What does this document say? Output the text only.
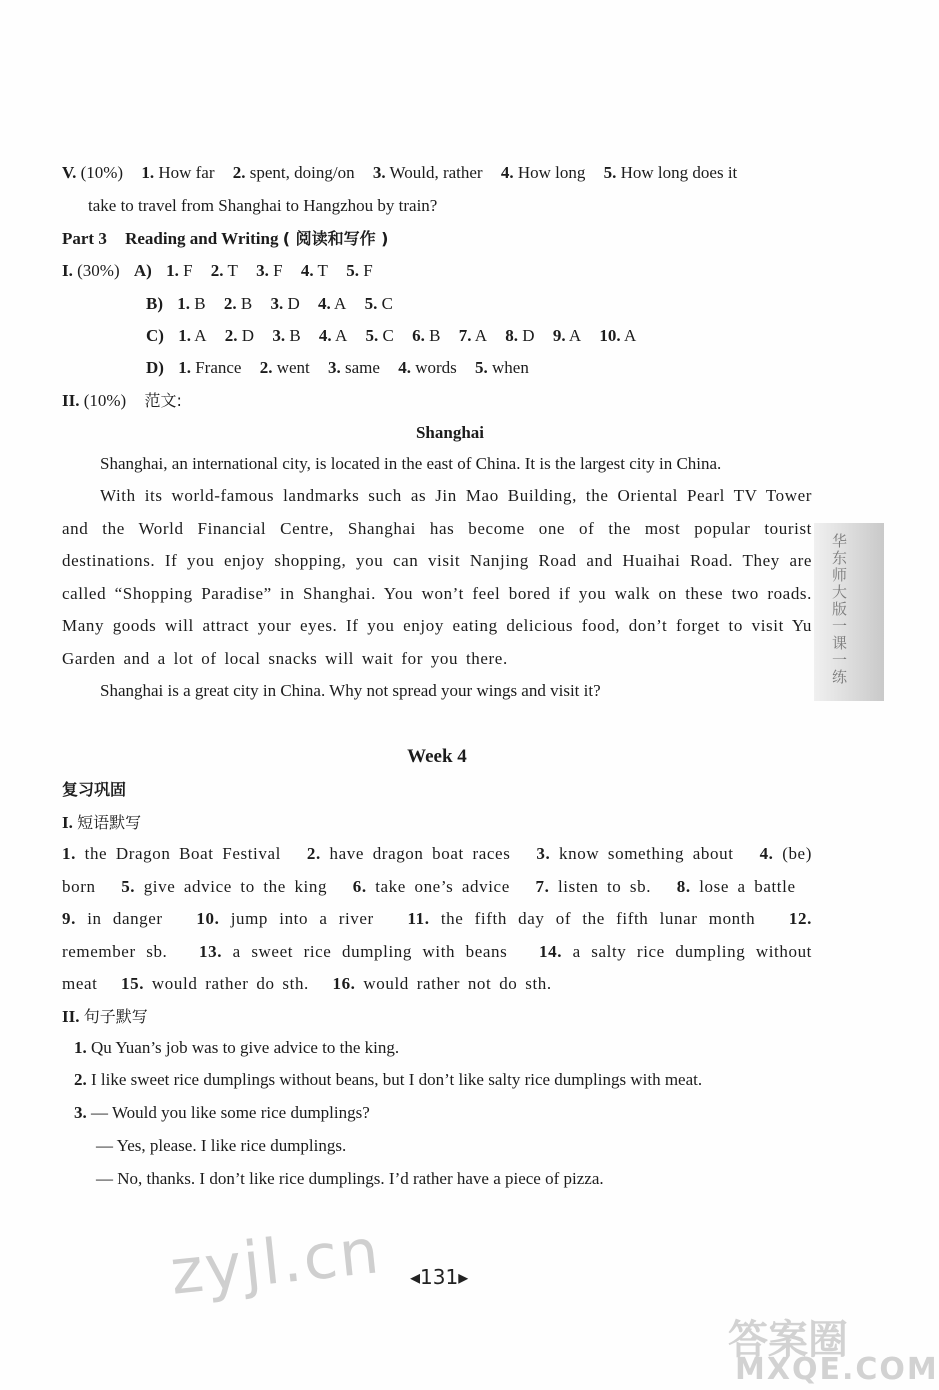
V. (10%) 1. How far 2. spent, doing/on 3. Would, rather 4. How long 5. How long does it
take to travel from Shanghai to Hangzhou by train?
Part 3 Reading and Writing ( 阅读和写作 )
I. (30%) A) 1. F 2. T 3. F 4. T 5. F
B) 1. B 2. B 3. D 4. A 5. C
C) 1. A 2. D 3. B 4. A 5. C 6. B 7. A 8. D 9. A 10. A
D) 1. France 2. went 3. same 4. words 5. when
II. (10%) 范文:
Shanghai
Shanghai, an international city, is located in the east of China. It is the largest city in China.
With its world-famous landmarks such as Jin Mao Building, the Oriental Pearl TV Tower and the World Financial Centre, Shanghai has become one of the most popular tourist destinations. If you enjoy shopping, you can visit Nanjing Road and Huaihai Road. They are called “Shopping Paradise” in Shanghai. You won’t feel bored if you walk on these two roads. Many goods will attract your eyes. If you enjoy eating delicious food, don’t forget to visit Yu Garden and a lot of local snacks will wait for you there.
Shanghai is a great city in China. Why not spread your wings and visit it?
Week 4
复习巩固
I. 短语默写
1. the Dragon Boat Festival 2. have dragon boat races 3. know something about 4. (be) born 5. give advice to the king 6. take one’s advice 7. listen to sb. 8. lose a battle   9. in danger 10. jump into a river 11. the fifth day of the fifth lunar month 12. remember sb. 13. a sweet rice dumpling with beans 14. a salty rice dumpling without meat 15. would rather do sth. 16. would rather not do sth.
II. 句子默写
1. Qu Yuan’s job was to give advice to the king.
2. I like sweet rice dumplings without beans, but I don’t like salty rice dumplings with meat.
3. — Would you like some rice dumplings?
— Yes, please. I like rice dumplings.
— No, thanks. I don’t like rice dumplings. I’d rather have a piece of pizza.
华东师大版一课一练
◂131▸
zyjl.cn
答案圈
MXQE.COM
